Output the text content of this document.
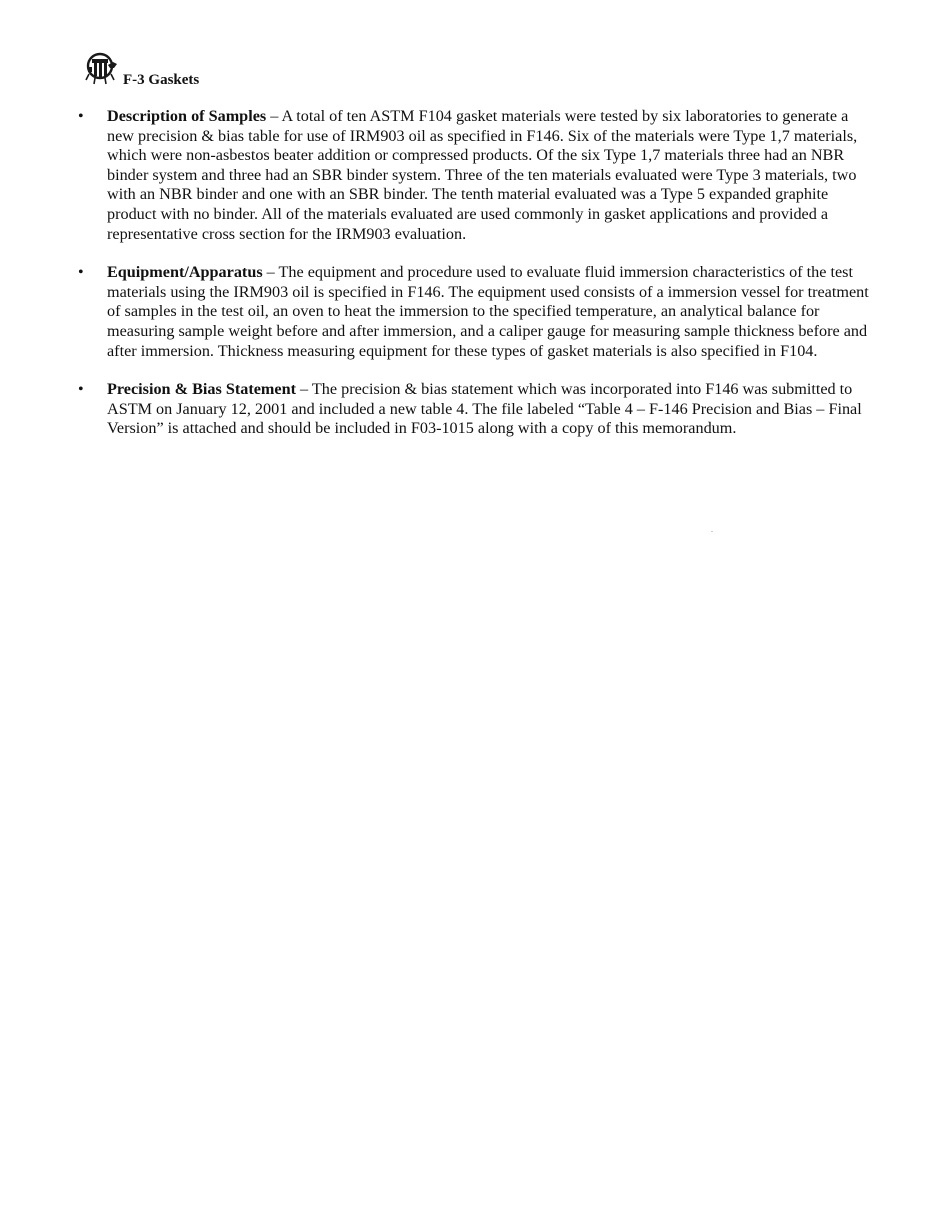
F-3 Gaskets
•	Description of Samples – A total of ten ASTM F104 gasket materials were tested by six laboratories to generate a new precision & bias table for use of IRM903 oil as specified in F146. Six of the materials were Type 1,7 materials, which were non-asbestos beater addition or compressed products. Of the six Type 1,7 materials three had an NBR binder system and three had an SBR binder system. Three of the ten materials evaluated were Type 3 materials, two with an NBR binder and one with an SBR binder. The tenth material evaluated was a Type 5 expanded graphite product with no binder. All of the materials evaluated are used commonly in gasket applications and provided a representative cross section for the IRM903 evaluation.
•	Equipment/Apparatus – The equipment and procedure used to evaluate fluid immersion characteristics of the test materials using the IRM903 oil is specified in F146. The equipment used consists of a immersion vessel for treatment of samples in the test oil, an oven to heat the immersion to the specified temperature, an analytical balance for measuring sample weight before and after immersion, and a caliper gauge for measuring sample thickness before and after immersion. Thickness measuring equipment for these types of gasket materials is also specified in F104.
•	Precision & Bias Statement – The precision & bias statement which was incorporated into F146 was submitted to ASTM on January 12, 2001 and included a new table 4. The file labeled “Table 4 – F-146 Precision and Bias – Final Version” is attached and should be included in F03-1015 along with a copy of this memorandum.
